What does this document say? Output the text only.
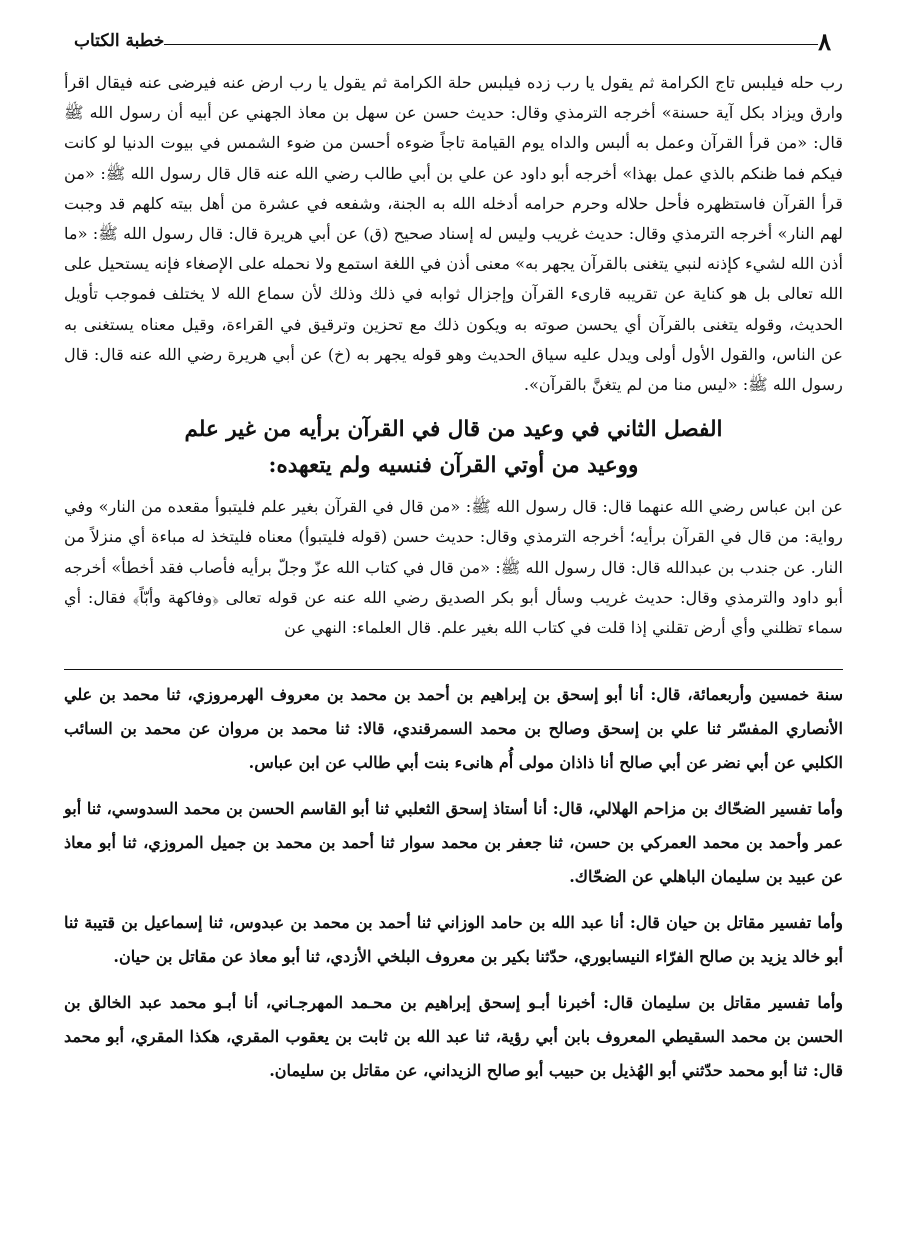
٨
خطبة الكتاب

رب حله فيلبس تاج الكرامة ثم يقول يا رب زده فيلبس حلة الكرامة ثم يقول يا رب ارض عنه فيرضى عنه فيقال اقرأ وارق ويزاد بكل آية حسنة» أخرجه الترمذي وقال: حديث حسن عن سهل بن معاذ الجهني عن أبيه أن رسول الله ﷺ قال: «من قرأ القرآن وعمل به ألبس والداه يوم القيامة تاجاً ضوءه أحسن من ضوء الشمس في بيوت الدنيا لو كانت فيكم فما ظنكم بالذي عمل بهذا» أخرجه أبو داود عن علي بن أبي طالب رضي الله عنه قال قال رسول الله ﷺ: «من قرأ القرآن فاستظهره فأحل حلاله وحرم حرامه أدخله الله به الجنة، وشفعه في عشرة من أهل بيته كلهم قد وجبت لهم النار» أخرجه الترمذي وقال: حديث غريب وليس له إسناد صحيح (ق) عن أبي هريرة قال: قال رسول الله ﷺ: «ما أذن الله لشيء كإذنه لنبي يتغنى بالقرآن يجهر به» معنى أذن في اللغة استمع ولا نحمله على الإصغاء فإنه يستحيل على الله تعالى بل هو كناية عن تقريبه قارىء القرآن وإجزال ثوابه في ذلك وذلك لأن سماع الله لا يختلف فموجب تأويل الحديث، وقوله يتغنى بالقرآن أي يحسن صوته به ويكون ذلك مع تحزين وترقيق في القراءة، وقيل معناه يستغنى به عن الناس، والقول الأول أولى ويدل عليه سياق الحديث وهو قوله يجهر به (خ) عن أبي هريرة رضي الله عنه قال: قال رسول الله ﷺ: «ليس منا من لم يتغنَّ بالقرآن».

الفصل الثاني في وعيد من قال في القرآن برأيه من غير علم
ووعيد من أوتي القرآن فنسيه ولم يتعهده:

عن ابن عباس رضي الله عنهما قال: قال رسول الله ﷺ: «من قال في القرآن بغير علم فليتبوأ مقعده من النار» وفي رواية: من قال في القرآن برأيه؛ أخرجه الترمذي وقال: حديث حسن (قوله فليتبوأ) معناه فليتخذ له مباءة أي منزلاً من النار. عن جندب بن عبدالله قال: قال رسول الله ﷺ: «من قال في كتاب الله عزّ وجلّ برأيه فأصاب فقد أخطأ» أخرجه أبو داود والترمذي وقال: حديث غريب وسأل أبو بكر الصديق رضي الله عنه عن قوله تعالى ﴿وفاكهة وأبّاً﴾ فقال: أي سماء تظلني وأي أرض تقلني إذا قلت في كتاب الله بغير علم. قال العلماء: النهي عن

سنة خمسين وأربعمائة، قال: أنا أبو إسحق بن إبراهيم بن أحمد بن محمد بن معروف الهرمروزي، ثنا محمد بن علي الأنصاري المفسّر ثنا علي بن إسحق وصالح بن محمد السمرقندي، قالا: ثنا محمد بن مروان عن محمد بن السائب الكلبي عن أبي نضر عن أبي صالح أنا ذاذان مولى أُم هانىء بنت أبي طالب عن ابن عباس.

وأما تفسير الضحّاك بن مزاحم الهلالي، قال: أنا أستاذ إسحق الثعلبي ثنا أبو القاسم الحسن بن محمد السدوسي، ثنا أبو عمر وأحمد بن محمد العمركي بن حسن، ثنا جعفر بن محمد سوار ثنا أحمد بن محمد بن جميل المروزي، ثنا أبو معاذ عن عبيد بن سليمان الباهلي عن الضحّاك.

وأما تفسير مقاتل بن حيان قال: أنا عبد الله بن حامد الوزاني ثنا أحمد بن محمد بن عبدوس، ثنا إسماعيل بن قتيبة ثنا أبو خالد يزيد بن صالح الفرّاء النيسابوري، حدّثنا بكير بن معروف البلخي الأزدي، ثنا أبو معاذ عن مقاتل بن حيان.

وأما تفسير مقاتل بن سليمان قال: أخبرنا أبـو إسحق إبراهيم بن محـمد المهرجـاني، أنا أبـو محمد عبد الخالق بن الحسن بن محمد السقيطي المعروف بابن أبي رؤية، ثنا عبد الله بن ثابت بن يعقوب المقري، هكذا المقري، أبو محمد قال: ثنا أبو محمد حدّثني أبو الهُذيل بن حبيب أبو صالح الزيداني، عن مقاتل بن سليمان.
